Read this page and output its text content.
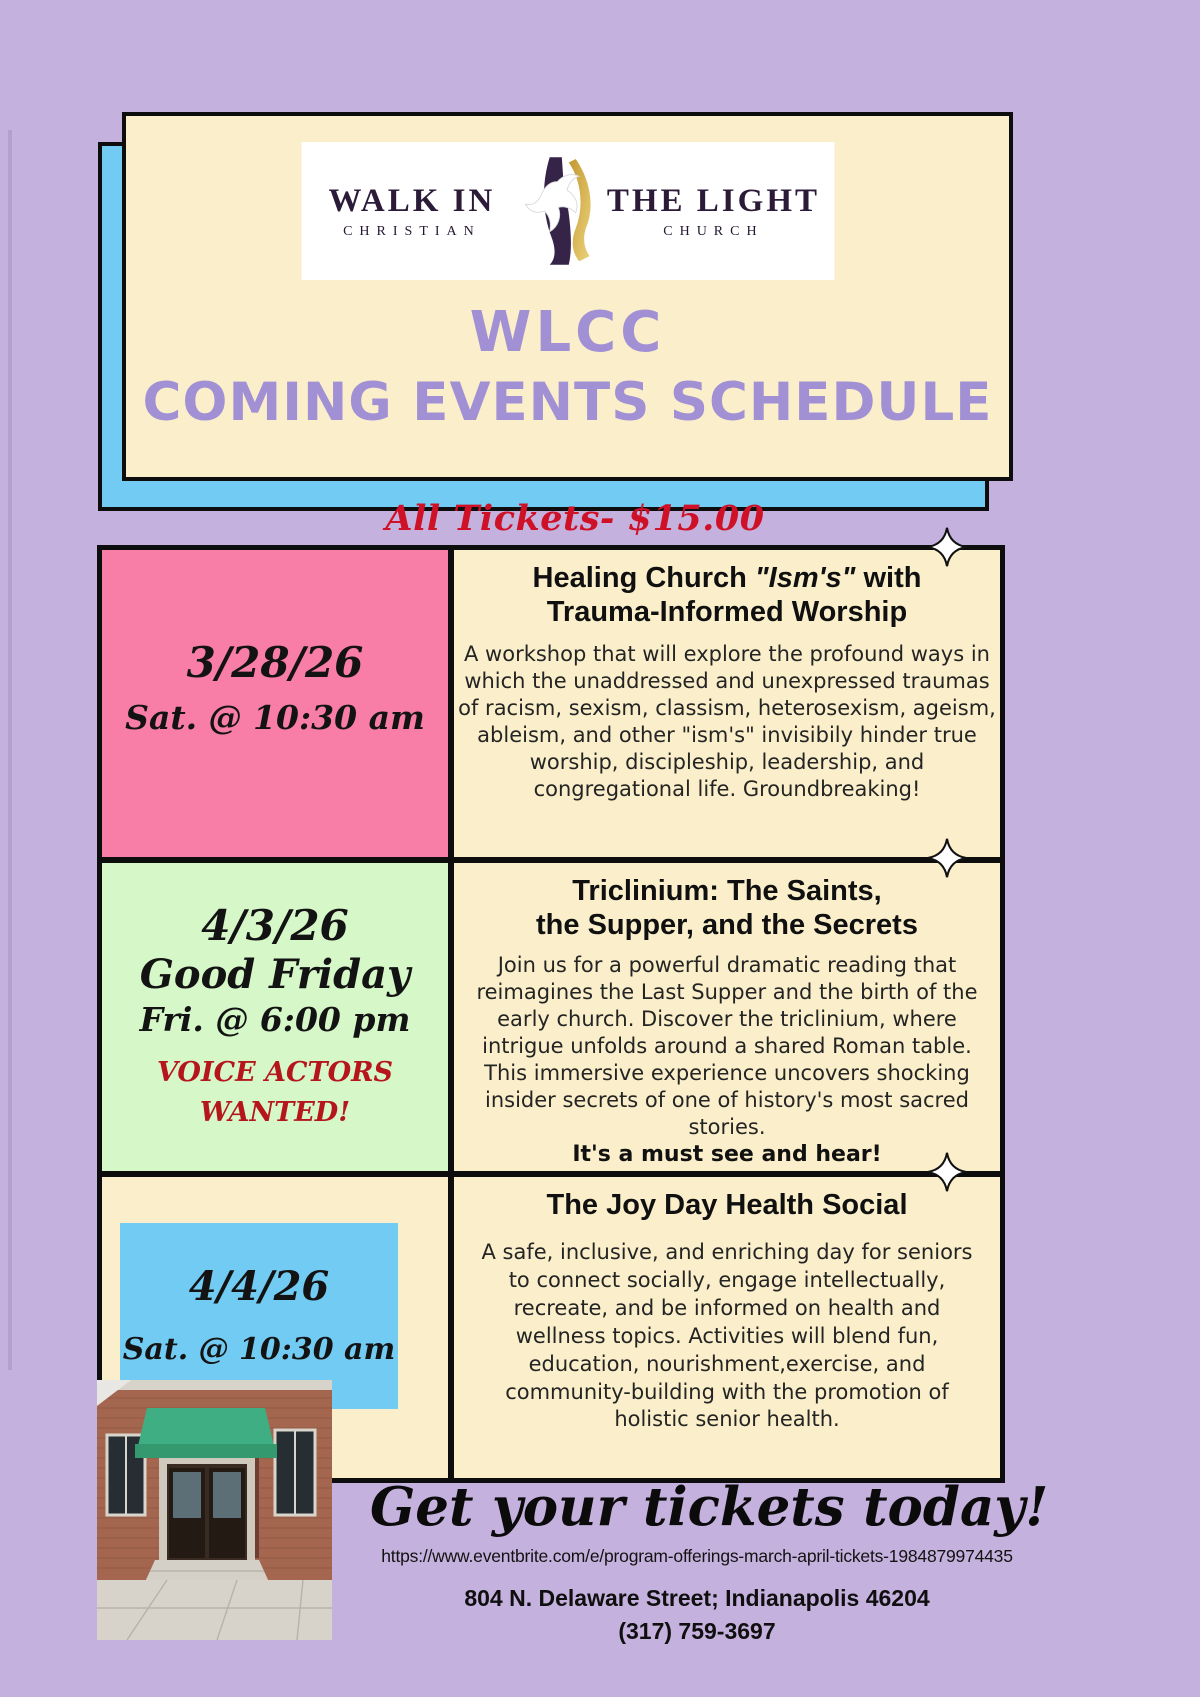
WALK IN
CHRISTIAN
THE LIGHT
CHURCH
WLCC
COMING EVENTS SCHEDULE
All Tickets- $15.00
3/28/26
Sat. @ 10:30 am
Healing Church "Ism's" with
Trauma-Informed Worship

A workshop that will explore the profound ways in which the unaddressed and unexpressed traumas of racism, sexism, classism, heterosexism, ageism, ableism, and other "ism's" invisibily hinder true worship, discipleship, leadership, and congregational life. Groundbreaking!

4/3/26
Good Friday
Fri. @ 6:00 pm
VOICE ACTORS
WANTED!
Triclinium: The Saints,
the Supper, and the Secrets

Join us for a powerful dramatic reading that reimagines the Last Supper and the birth of the early church. Discover the triclinium, where intrigue unfolds around a shared Roman table. This immersive experience uncovers shocking insider secrets of one of history's most sacred stories.

It's a must see and hear!
4/4/26
Sat. @ 10:30 am
The Joy Day Health Social

A safe, inclusive, and enriching day for seniors to connect socially, engage intellectually, recreate, and be informed on health and wellness topics. Activities will blend fun, education, nourishment,exercise, and community-building with the promotion of holistic senior health.

Get your tickets today!
https://www.eventbrite.com/e/program-offerings-march-april-tickets-1984879974435
804 N. Delaware Street; Indianapolis 46204
(317) 759-3697
